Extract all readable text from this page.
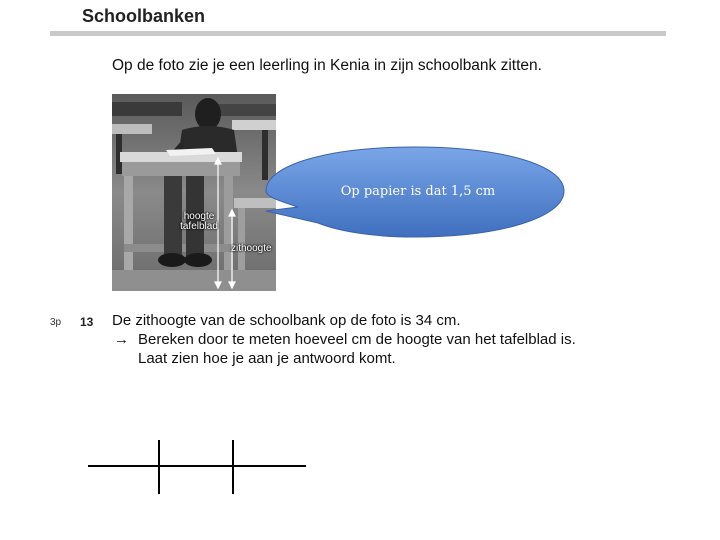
Schoolbanken
Op de foto zie je een leerling in Kenia in zijn schoolbank zitten.
hoogte tafelblad
zithoogte
Op papier is dat 1,5 cm
3p 13 De zithoogte van de schoolbank op de foto is 34 cm.
→ Bereken door te meten hoeveel cm de hoogte van het tafelblad is.
Laat zien hoe je aan je antwoord komt.
